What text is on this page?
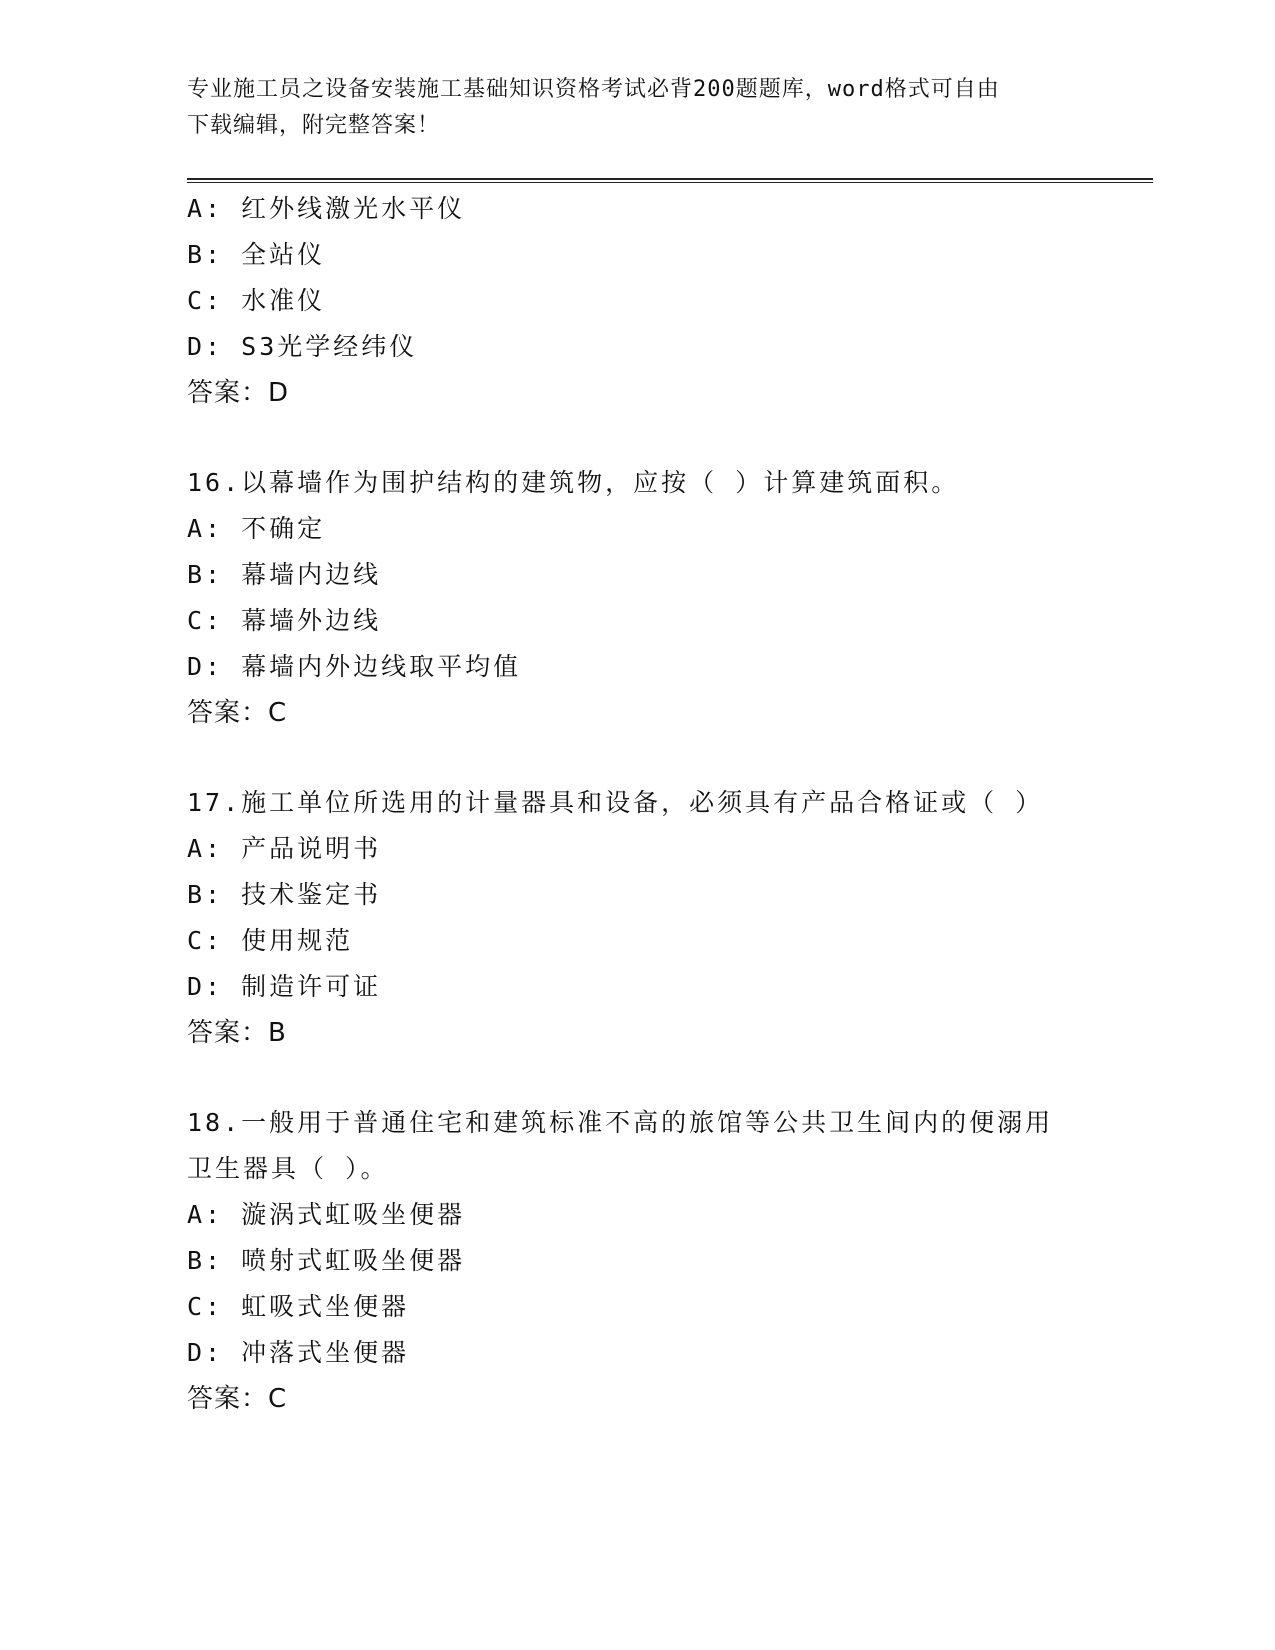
专业施工员之设备安装施工基础知识资格考试必背200题题库，word格式可自由
下载编辑，附完整答案！
A: 红外线激光水平仪
B: 全站仪
C: 水准仪
D: S3光学经纬仪
答案：D
16.以幕墙作为围护结构的建筑物，应按（ ）计算建筑面积。
A: 不确定
B: 幕墙内边线
C: 幕墙外边线
D: 幕墙内外边线取平均值
答案：C
17.施工单位所选用的计量器具和设备，必须具有产品合格证或（ ）
A: 产品说明书
B: 技术鉴定书
C: 使用规范
D: 制造许可证
答案：B
18.一般用于普通住宅和建筑标准不高的旅馆等公共卫生间内的便溺用卫生器具（ ）。
A: 漩涡式虹吸坐便器
B: 喷射式虹吸坐便器
C: 虹吸式坐便器
D: 冲落式坐便器
答案：C
